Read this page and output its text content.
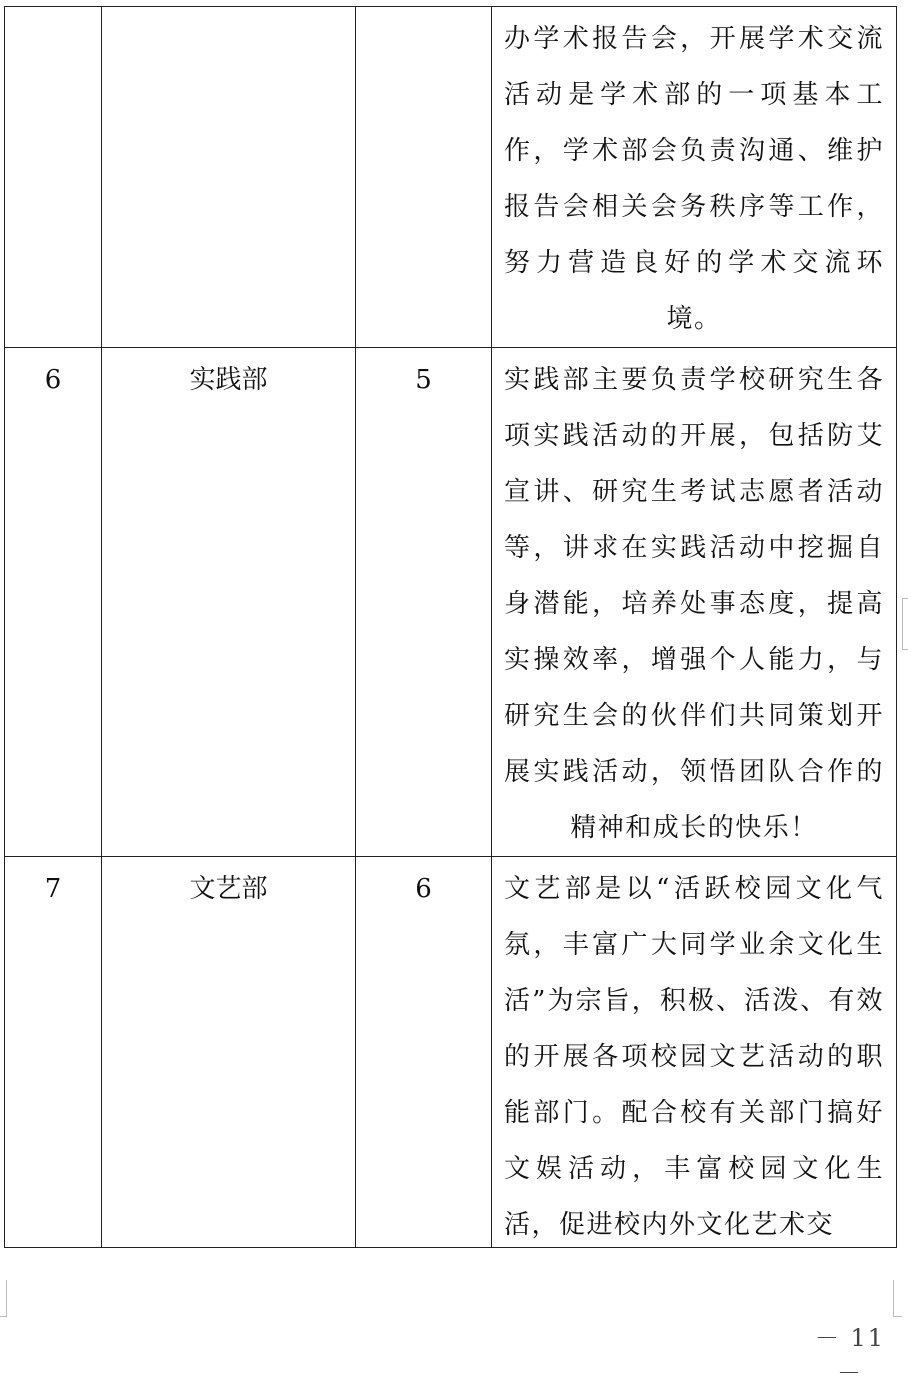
			办学术报告会，开展学术交流活动是学术部的一项基本工作，学术部会负责沟通、维护报告会相关会务秩序等工作，努力营造良好的学术交流环境。

6	实践部	5	实践部主要负责学校研究生各项实践活动的开展，包括防艾宣讲、研究生考试志愿者活动等，讲求在实践活动中挖掘自身潜能，培养处事态度，提高实操效率，增强个人能力，与研究生会的伙伴们共同策划开展实践活动，领悟团队合作的精神和成长的快乐！

7	文艺部	6	文艺部是以“活跃校园文化气氛，丰富广大同学业余文化生活”为宗旨，积极、活泼、有效的开展各项校园文艺活动的职能部门。配合校有关部门搞好文娱活动，丰富校园文化生活，促进校内外文化艺术交
－ 11 －
